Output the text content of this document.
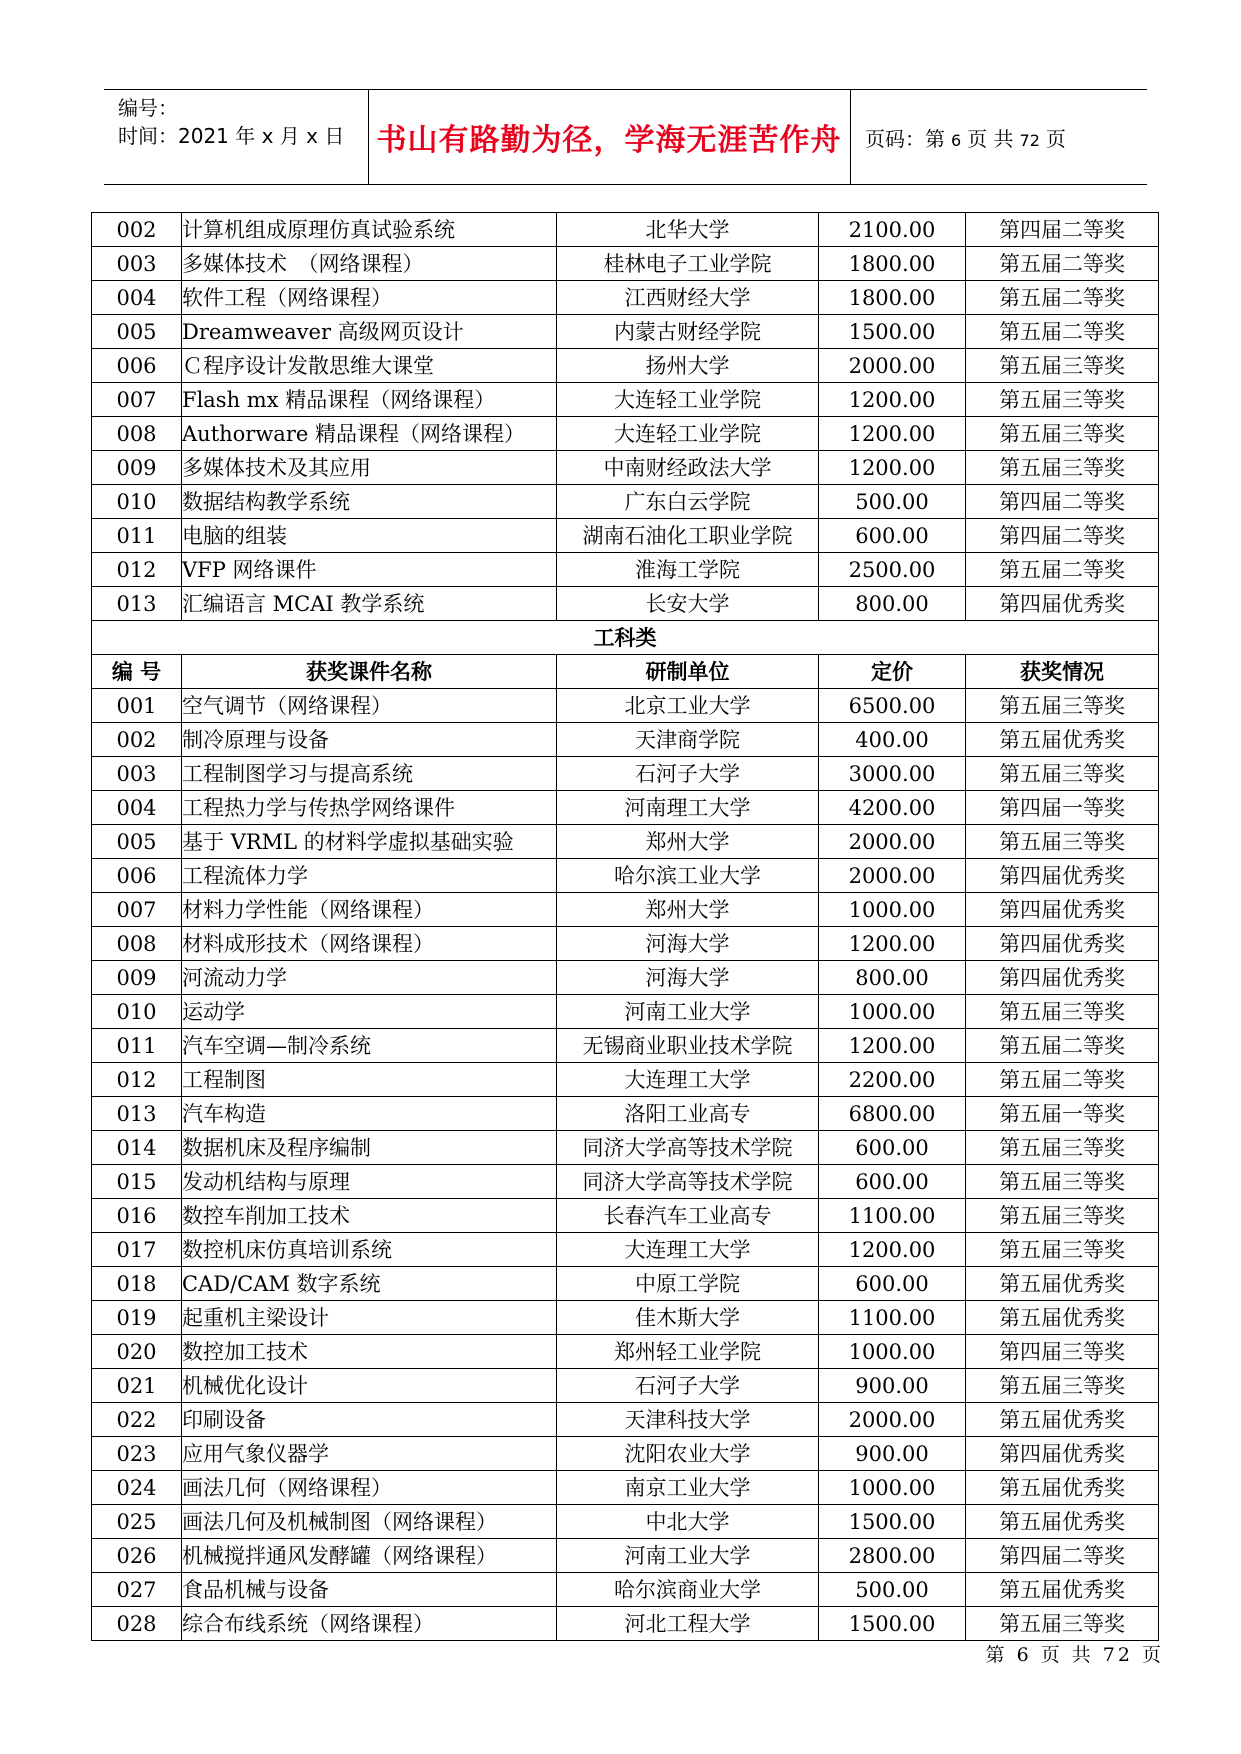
编号：
时间：2021 年 x 月 x 日 书山有路勤为径，学海无涯苦作舟 页码：第 6 页 共 72 页
002	计算机组成原理仿真试验系统	北华大学	2100.00	第四届二等奖
003	多媒体技术　（网络课程）	桂林电子工业学院	1800.00	第五届二等奖
004	软件工程（网络课程）	江西财经大学	1800.00	第五届二等奖
005	Dreamweaver 高级网页设计	内蒙古财经学院	1500.00	第五届二等奖
006	Ｃ程序设计发散思维大课堂	扬州大学	2000.00	第五届三等奖
007	Flash mx 精品课程（网络课程）	大连轻工业学院	1200.00	第五届三等奖
008	Authorware 精品课程（网络课程）	大连轻工业学院	1200.00	第五届三等奖
009	多媒体技术及其应用	中南财经政法大学	1200.00	第五届三等奖
010	数据结构教学系统	广东白云学院	500.00	第四届二等奖
011	电脑的组装	湖南石油化工职业学院	600.00	第四届二等奖
012	VFP 网络课件	淮海工学院	2500.00	第五届二等奖
013	汇编语言 MCAI 教学系统	长安大学	800.00	第四届优秀奖
工科类				
编 号	获奖课件名称	研制单位	定价	获奖情况
001	空气调节（网络课程）	北京工业大学	6500.00	第五届三等奖
002	制冷原理与设备	天津商学院	400.00	第五届优秀奖
003	工程制图学习与提高系统	石河子大学	3000.00	第五届三等奖
004	工程热力学与传热学网络课件	河南理工大学	4200.00	第四届一等奖
005	基于 VRML 的材料学虚拟基础实验	郑州大学	2000.00	第五届三等奖
006	工程流体力学	哈尔滨工业大学	2000.00	第四届优秀奖
007	材料力学性能（网络课程）	郑州大学	1000.00	第四届优秀奖
008	材料成形技术（网络课程）	河海大学	1200.00	第四届优秀奖
009	河流动力学	河海大学	800.00	第四届优秀奖
010	运动学	河南工业大学	1000.00	第五届三等奖
011	汽车空调—制冷系统	无锡商业职业技术学院	1200.00	第五届二等奖
012	工程制图	大连理工大学	2200.00	第五届二等奖
013	汽车构造	洛阳工业高专	6800.00	第五届一等奖
014	数据机床及程序编制	同济大学高等技术学院	600.00	第五届三等奖
015	发动机结构与原理	同济大学高等技术学院	600.00	第五届三等奖
016	数控车削加工技术	长春汽车工业高专	1100.00	第五届三等奖
017	数控机床仿真培训系统	大连理工大学	1200.00	第五届三等奖
018	CAD/CAM 数字系统	中原工学院	600.00	第五届优秀奖
019	起重机主梁设计	佳木斯大学	1100.00	第五届优秀奖
020	数控加工技术	郑州轻工业学院	1000.00	第四届三等奖
021	机械优化设计	石河子大学	900.00	第五届三等奖
022	印刷设备	天津科技大学	2000.00	第五届优秀奖
023	应用气象仪器学	沈阳农业大学	900.00	第四届优秀奖
024	画法几何（网络课程）	南京工业大学	1000.00	第五届优秀奖
025	画法几何及机械制图（网络课程）	中北大学	1500.00	第五届优秀奖
026	机械搅拌通风发酵罐（网络课程）	河南工业大学	2800.00	第四届二等奖
027	食品机械与设备	哈尔滨商业大学	500.00	第五届优秀奖
028	综合布线系统（网络课程）	河北工程大学	1500.00	第五届三等奖
第 6 页 共 72 页
